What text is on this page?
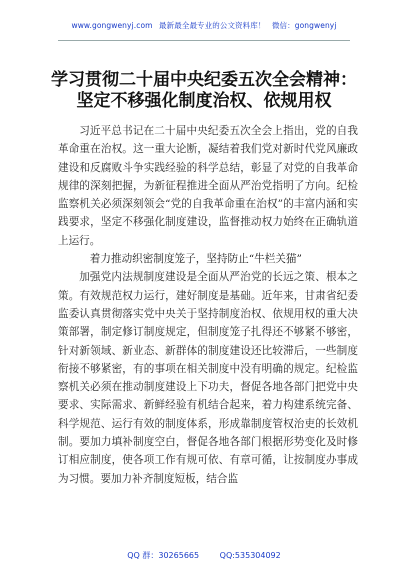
www.gongwenyj.com 最新最全最专业的公文资料库！ 微信：gongwenyj
学习贯彻二十届中央纪委五次全会精神：
坚定不移强化制度治权、依规用权

习近平总书记在二十届中央纪委五次全会上指出，党的自我革命重在治权。这一重大论断，凝结着我们党对新时代党风廉政建设和反腐败斗争实践经验的科学总结，彰显了对党的自我革命规律的深刻把握，为新征程推进全面从严治党指明了方向。纪检监察机关必须深刻领会“党的自我革命重在治权”的丰富内涵和实践要求，坚定不移强化制度建设，监督推动权力始终在正确轨道上运行。

着力推动织密制度笼子，坚持防止“牛栏关猫”

加强党内法规制度建设是全面从严治党的长远之策、根本之策。有效规范权力运行，建好制度是基础。近年来，甘肃省纪委监委认真贯彻落实党中央关于坚持制度治权、依规用权的重大决策部署，制定修订制度规定，但制度笼子扎得还不够紧不够密，针对新领域、新业态、新群体的制度建设还比较滞后，一些制度衔接不够紧密，有的事项在相关制度中没有明确的规定。纪检监察机关必须在推动制度建设上下功夫，督促各地各部门把党中央要求、实际需求、新鲜经验有机结合起来，着力构建系统完备、科学规范、运行有效的制度体系，形成靠制度管权治吏的长效机制。要加力填补制度空白，督促各地各部门根据形势变化及时修订相应制度，使各项工作有规可依、有章可循，让按制度办事成为习惯。要加力补齐制度短板，结合监

QQ 群：30265665	QQ:535304092
